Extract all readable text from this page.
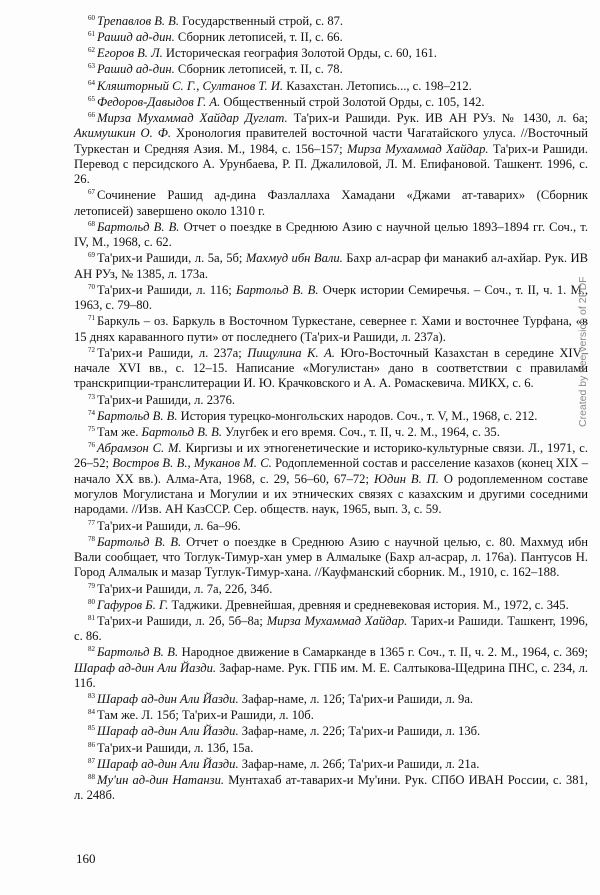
$^{60}$ Трепавлов В. В. Государственный строй, с. 87.

$^{61}$ Рашид ад-дин. Сборник летописей, т. II, с. 66.

$^{62}$ Егоров В. Л. Историческая география Золотой Орды, с. 60, 161.

$^{63}$ Рашид ад-дин. Сборник летописей, т. II, с. 78.

$^{64}$ Кляшторный С. Г., Султанов Т. И. Казахстан. Летопись..., с. 198–212.

$^{65}$ Федоров-Давыдов Г. А. Общественный строй Золотой Орды, с. 105, 142.

$^{66}$ Мирза Мухаммад Хайдар Дуглат. Та'рих-и Рашиди. Рук. ИВ АН РУз. № 1430, л. 6а; Акимушкин О. Ф. Хронология правителей восточной части Чагатайского улуса. //Восточный Туркестан и Средняя Азия. М., 1984, с. 156–157; Мирза Мухаммад Хайдар. Та'рих-и Рашиди. Перевод с персидского А. Урунбаева, Р. П. Джалиловой, Л. М. Епифановой. Ташкент. 1996, с. 26.

$^{67}$ Сочинение Рашид ад-дина Фазлаллаха Хамадани «Джами ат-таварих» (Сборник летописей) завершено около 1310 г.

$^{68}$ Бартольд В. В. Отчет о поездке в Среднюю Азию с научной целью 1893–1894 гг. Соч., т. IV, М., 1968, с. 62.

$^{69}$ Та'рих-и Рашиди, л. 5а, 5б; Махмуд ибн Вали. Бахр ал-асрар фи манакиб ал-ахйар. Рук. ИВ АН РУз, № 1385, л. 173а.

$^{70}$ Та'рих-и Рашиди, л. 116; Бартольд В. В. Очерк истории Семиречья. – Соч., т. II, ч. 1. М., 1963, с. 79–80.

$^{71}$ Баркуль – оз. Баркуль в Восточном Туркестане, севернее г. Хами и восточнее Турфана, «в 15 днях караванного пути» от последнего (Та'рих-и Рашиди, л. 237а).

$^{72}$ Та'рих-и Рашиди, л. 237а; Пищулина К. А. Юго-Восточный Казахстан в середине XIV– начале XVI вв., с. 12–15. Написание «Могулистан» дано в соответствии с правилами транскрипции-транслитерации И. Ю. Крачковского и А. А. Ромаскевича. МИКХ, с. 6.

$^{73}$ Та'рих-и Рашиди, л. 2376.

$^{74}$ Бартольд В. В. История турецко-монгольских народов. Соч., т. V, М., 1968, с. 212.

$^{75}$ Там же. Бартольд В. В. Улугбек и его время. Соч., т. II, ч. 2. М., 1964, с. 35.

$^{76}$ Абрамзон С. М. Киргизы и их этногенетические и историко-культурные связи. Л., 1971, с. 26–52; Востров В. В., Муканов М. С. Родоплеменной состав и расселение казахов (конец XIX – начало XX вв.). Алма-Ата, 1968, с. 29, 56–60, 67–72; Юдин В. П. О родоплеменном составе могулов Могулистана и Могулии и их этнических связях с казахским и другими соседними народами. //Изв. АН КазССР. Сер. обществ. наук, 1965, вып. 3, с. 59.

$^{77}$ Та'рих-и Рашиди, л. 6а–96.

$^{78}$ Бартольд В. В. Отчет о поездке в Среднюю Азию с научной целью, с. 80. Махмуд ибн Вали сообщает, что Тоглук-Тимур-хан умер в Алмалыке (Бахр ал-асрар, л. 176а). Пантусов Н. Город Алмалык и мазар Туглук-Тимур-хана. //Кауфманский сборник. М., 1910, с. 162–188.

$^{79}$ Та'рих-и Рашиди, л. 7а, 22б, 34б.

$^{80}$ Гафуров Б. Г. Таджики. Древнейшая, древняя и средневековая история. М., 1972, с. 345.

$^{81}$ Та'рих-и Рашиди, л. 2б, 5б–8а; Мирза Мухаммад Хайдар. Тарих-и Рашиди. Ташкент, 1996, с. 86.

$^{82}$ Бартольд В. В. Народное движение в Самарканде в 1365 г. Соч., т. II, ч. 2. М., 1964, с. 369; Шараф ад-дин Али Йазди. Зафар-наме. Рук. ГПБ им. М. Е. Салтыкова-Щедрина ПНС, с. 234, л. 11б.

$^{83}$ Шараф ад-дин Али Йазди. Зафар-наме, л. 12б; Та'рих-и Рашиди, л. 9а.

$^{84}$ Там же. Л. 15б; Та'рих-и Рашиди, л. 10б.

$^{85}$ Шараф ад-дин Али Йазди. Зафар-наме, л. 22б; Та'рих-и Рашиди, л. 13б.

$^{86}$ Та'рих-и Рашиди, л. 13б, 15а.

$^{87}$ Шараф ад-дин Али Йазди. Зафар-наме, л. 26б; Та'рих-и Рашиди, л. 21а.

$^{88}$ Му'ин ад-дин Натанзи. Мунтахаб ат-таварих-и Му'ини. Рук. СПбО ИВАН России, с. 381, л. 248б.

160
Created by free version of 2PDF
